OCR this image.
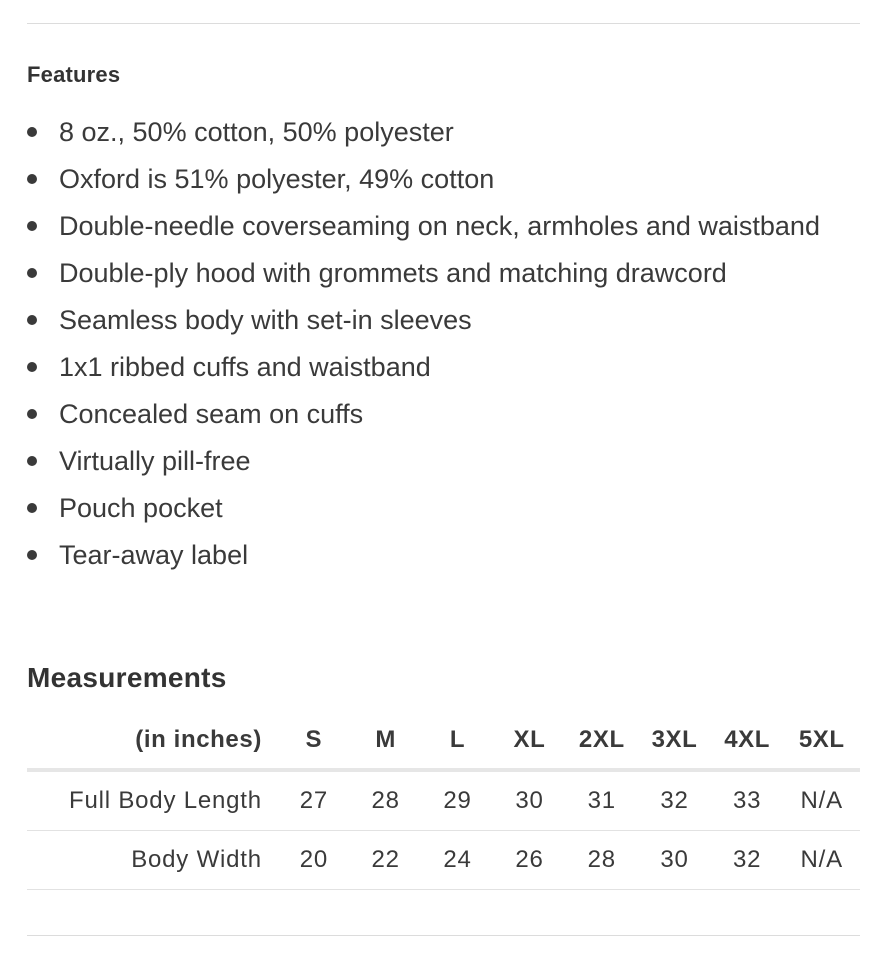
Features
8 oz., 50% cotton, 50% polyester
Oxford is 51% polyester, 49% cotton
Double-needle coverseaming on neck, armholes and waistband
Double-ply hood with grommets and matching drawcord
Seamless body with set-in sleeves
1x1 ribbed cuffs and waistband
Concealed seam on cuffs
Virtually pill-free
Pouch pocket
Tear-away label
Measurements
(in inches)	S	M	L	XL	2XL	3XL	4XL	5XL
Full Body Length	27	28	29	30	31	32	33	N/A
Body Width	20	22	24	26	28	30	32	N/A
